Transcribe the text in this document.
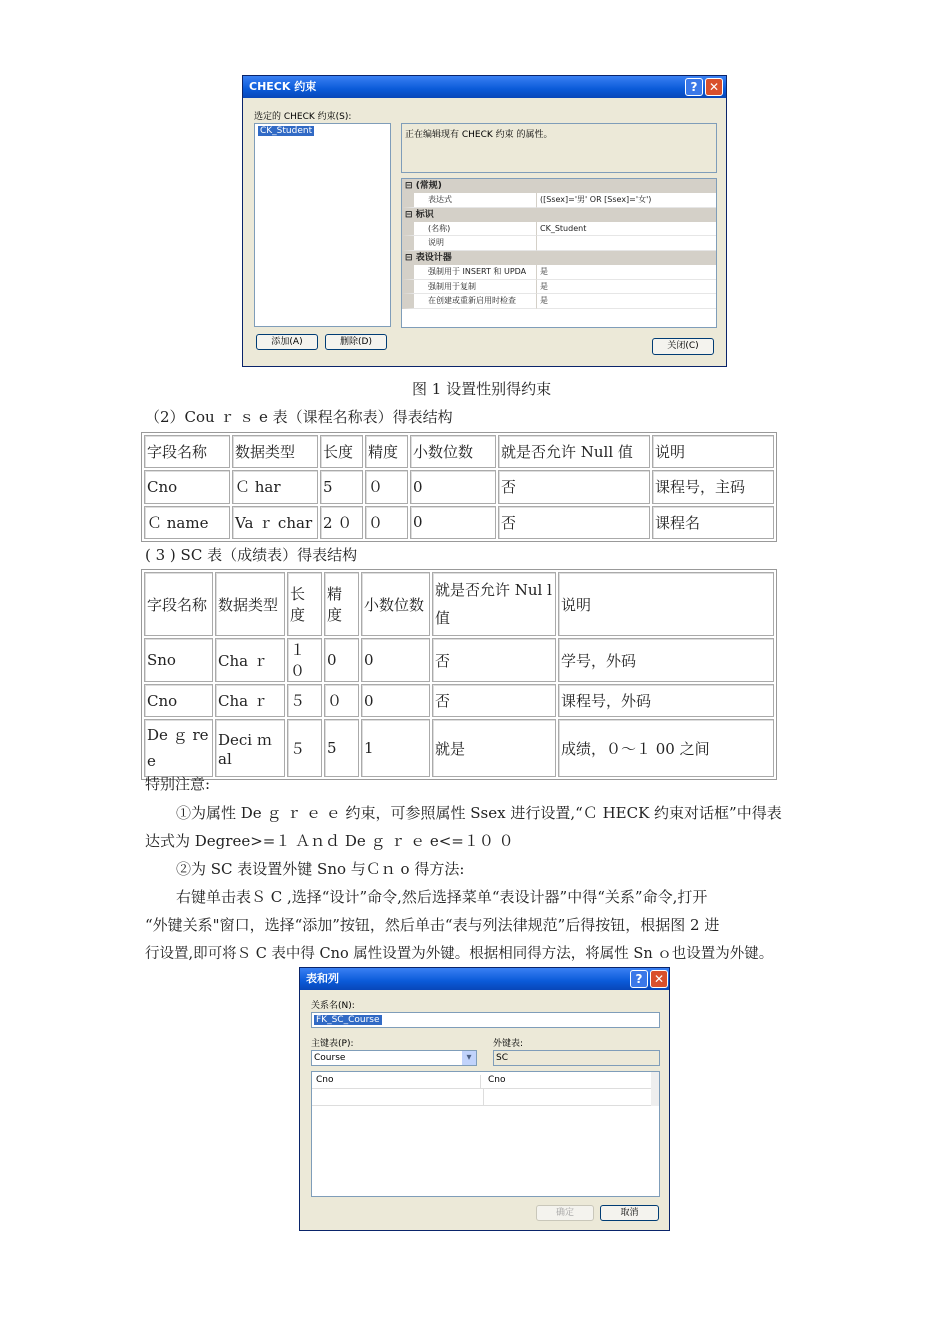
CHECK 约束	? ✕
选定的 CHECK 约束(S):
CK_Student	正在编辑现有 CHECK 约束 的属性。
⊟ (常规)
表达式	([Ssex]='男' OR [Ssex]='女')
⊟ 标识
(名称)	CK_Student
说明
⊟ 表设计器
强制用于 INSERT 和 UPDA	是
强制用于复制	是
在创建或重新启用时检查	是
添加(A)	删除(D)	关闭(C)
图 1 设置性别得约束
（2）Cou ｒ ｓ e 表（课程名称表）得表结构
字段名称	数据类型	长度	精度	小数位数	就是否允许 Null 值	说明
Cno	Ｃ har	5	０	0	否	课程号，主码
Ｃ name	Va ｒ char	2 ０	０	0	否	课程名
( 3 ) SC 表（成绩表）得表结构
字段名称	数据类型	长度	精度	小数位数	就是否允许 Nul l 值	说明
Sno	Cha ｒ	１０	0	0	否	学号，外码
Cno	Cha ｒ	５	０	0	否	课程号，外码
De ｇ re e	Deci ｍ al	５	5	1	就是	成绩，０～１ 00 之间
特别注意:
①为属性 De ｇ ｒ ｅ ｅ 约束，可参照属性 Ssex 进行设置,“Ｃ HECK 约束对话框”中得表
达式为 Degree>=１ Ａｎｄ De ｇ ｒ ｅ e<=１０ ０
②为 SC 表设置外键 Sno 与Ｃｎ o 得方法:
右键单击表Ｓ C ,选择“设计”命令,然后选择菜单“表设计器”中得“关系”命令,打开
“外键关系"窗口，选择“添加”按钮，然后单击“表与列法律规范”后得按钮，根据图 2 进
行设置,即可将Ｓ C 表中得 Cno 属性设置为外键。根据相同得方法，将属性 Sn ｏ也设置为外键。
表和列	? ✕
关系名(N):
FK_SC_Course
主键表(P):
Course	▾
外键表:
SC
Cno	Cno
确定	取消
